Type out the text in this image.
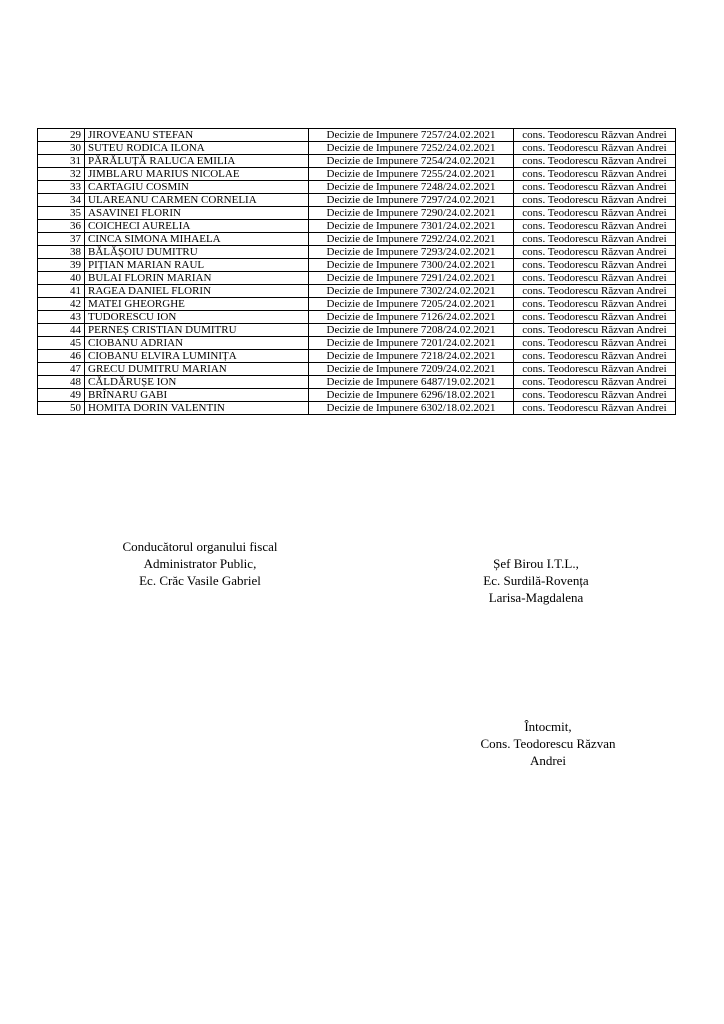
29	JIROVEANU STEFAN	Decizie de Impunere 7257/24.02.2021	cons. Teodorescu Răzvan Andrei
30	SUTEU RODICA ILONA	Decizie de Impunere 7252/24.02.2021	cons. Teodorescu Răzvan Andrei
31	PĂRĂLUȚĂ RALUCA EMILIA	Decizie de Impunere 7254/24.02.2021	cons. Teodorescu Răzvan Andrei
32	JIMBLARU MARIUS NICOLAE	Decizie de Impunere 7255/24.02.2021	cons. Teodorescu Răzvan Andrei
33	CARTAGIU COSMIN	Decizie de Impunere 7248/24.02.2021	cons. Teodorescu Răzvan Andrei
34	ULAREANU CARMEN CORNELIA	Decizie de Impunere 7297/24.02.2021	cons. Teodorescu Răzvan Andrei
35	ASAVINEI FLORIN	Decizie de Impunere 7290/24.02.2021	cons. Teodorescu Răzvan Andrei
36	COICHECI AURELIA	Decizie de Impunere 7301/24.02.2021	cons. Teodorescu Răzvan Andrei
37	CINCA SIMONA MIHAELA	Decizie de Impunere 7292/24.02.2021	cons. Teodorescu Răzvan Andrei
38	BĂLĂȘOIU DUMITRU	Decizie de Impunere 7293/24.02.2021	cons. Teodorescu Răzvan Andrei
39	PIȚIAN MARIAN RAUL	Decizie de Impunere 7300/24.02.2021	cons. Teodorescu Răzvan Andrei
40	BULAI FLORIN MARIAN	Decizie de Impunere 7291/24.02.2021	cons. Teodorescu Răzvan Andrei
41	RAGEA DANIEL FLORIN	Decizie de Impunere 7302/24.02.2021	cons. Teodorescu Răzvan Andrei
42	MATEI GHEORGHE	Decizie de Impunere 7205/24.02.2021	cons. Teodorescu Răzvan Andrei
43	TUDORESCU ION	Decizie de Impunere 7126/24.02.2021	cons. Teodorescu Răzvan Andrei
44	PERNEȘ CRISTIAN DUMITRU	Decizie de Impunere 7208/24.02.2021	cons. Teodorescu Răzvan Andrei
45	CIOBANU ADRIAN	Decizie de Impunere 7201/24.02.2021	cons. Teodorescu Răzvan Andrei
46	CIOBANU ELVIRA LUMINIȚA	Decizie de Impunere 7218/24.02.2021	cons. Teodorescu Răzvan Andrei
47	GRECU DUMITRU MARIAN	Decizie de Impunere 7209/24.02.2021	cons. Teodorescu Răzvan Andrei
48	CĂLDĂRUȘE ION	Decizie de Impunere 6487/19.02.2021	cons. Teodorescu Răzvan Andrei
49	BRÎNARU GABI	Decizie de Impunere 6296/18.02.2021	cons. Teodorescu Răzvan Andrei
50	HOMITA DORIN VALENTIN	Decizie de Impunere 6302/18.02.2021	cons. Teodorescu Răzvan Andrei
Conducătorul organului fiscal
Administrator Public,
Ec. Crăc Vasile Gabriel
Șef Birou I.T.L.,
Ec. Surdilă-Rovența
Larisa-Magdalena
Întocmit,
Cons. Teodorescu Răzvan
Andrei
